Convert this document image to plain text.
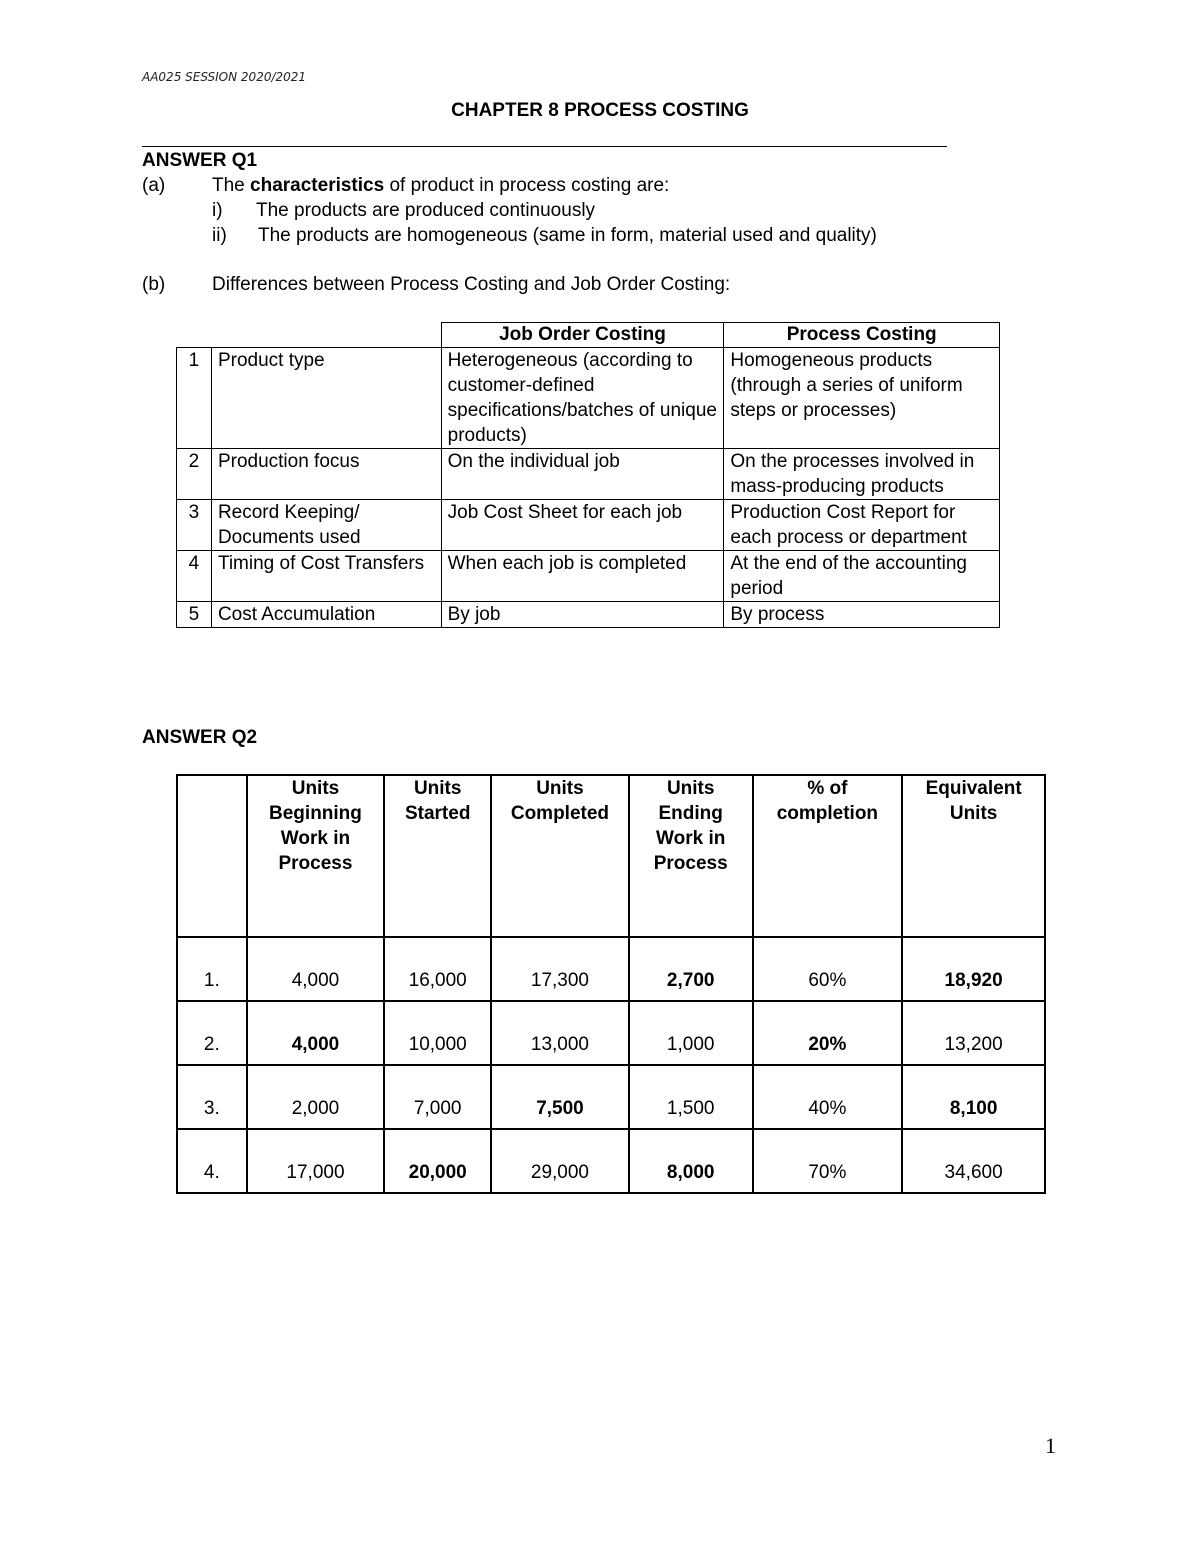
AA025 SESSION 2020/2021
CHAPTER 8 PROCESS COSTING
ANSWER Q1
(a) The characteristics of product in process costing are:
i) The products are produced continuously
ii) The products are homogeneous (same in form, material used and quality)
(b) Differences between Process Costing and Job Order Costing:
		Job Order Costing	Process Costing
1	Product type	Heterogeneous (according to customer-defined specifications/batches of unique products)	Homogeneous products (through a series of uniform steps or processes)
2	Production focus	On the individual job	On the processes involved in mass-producing products
3	Record Keeping/ Documents used	Job Cost Sheet for each job	Production Cost Report for each process or department
4	Timing of Cost Transfers	When each job is completed	At the end of the accounting period
5	Cost Accumulation	By job	By process
ANSWER Q2
	Units Beginning Work in Process	Units Started	Units Completed	Units Ending Work in Process	% of completion	Equivalent Units
1.	4,000	16,000	17,300	2,700	60%	18,920
2.	4,000	10,000	13,000	1,000	20%	13,200
3.	2,000	7,000	7,500	1,500	40%	8,100
4.	17,000	20,000	29,000	8,000	70%	34,600
1
